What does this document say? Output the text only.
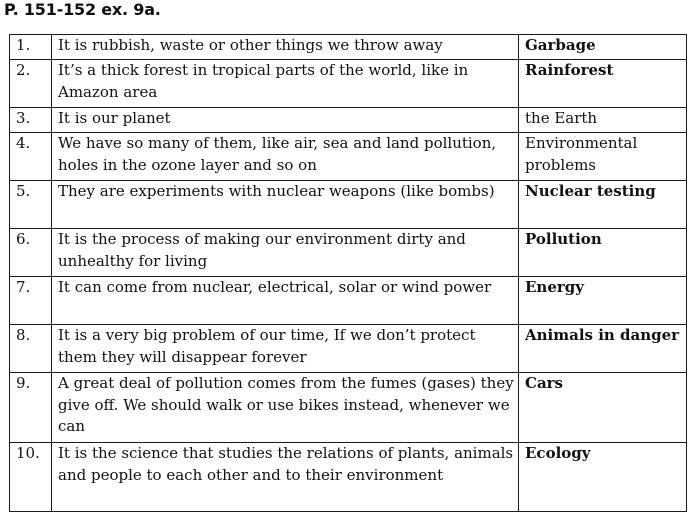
P. 151-152 ex. 9a.
1.	It is rubbish, waste or other things we throw away	Garbage
2.	It’s a thick forest in tropical parts of the world, like in Amazon area	Rainforest
3.	It is our planet	the Earth
4.	We have so many of them, like air, sea and land pollution, holes in the ozone layer and so on	Environmental problems
5.	They are experiments with nuclear weapons (like bombs)	Nuclear testing
6.	It is the process of making our environment dirty and unhealthy for living	Pollution
7.	It can come from nuclear, electrical, solar or wind power	Energy
8.	It is a very big problem of our time, If we don’t protect them they will disappear forever	Animals in danger
9.	A great deal of pollution comes from the fumes (gases) they give off. We should walk or use bikes instead, whenever we can	Cars
10.	It is the science that studies the relations of plants, animals and people to each other and to their environment	Ecology
